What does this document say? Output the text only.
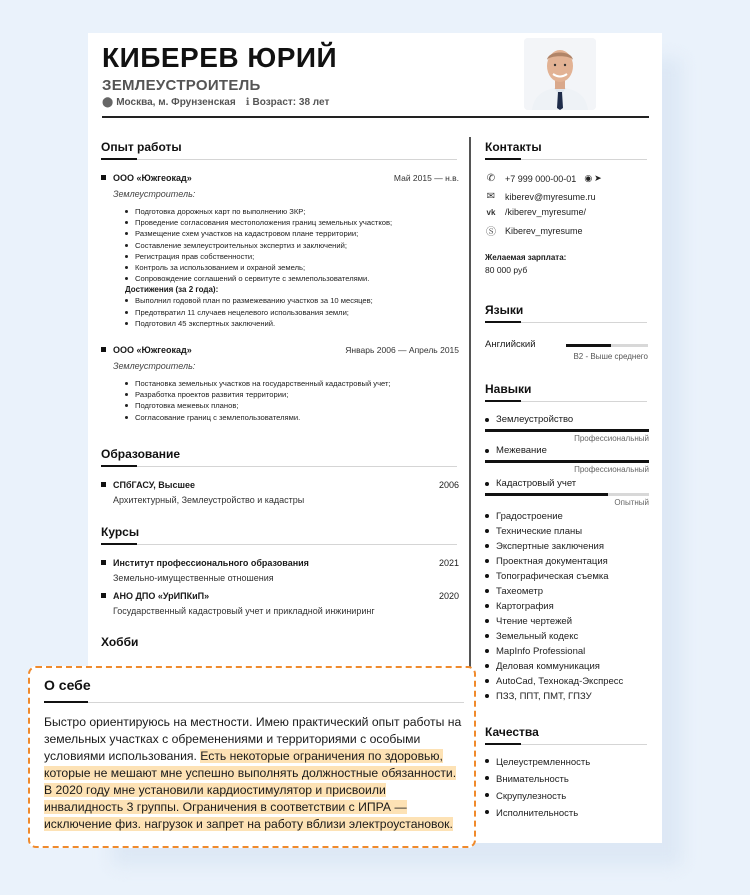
КИБЕРЕВ ЮРИЙ
ЗЕМЛЕУСТРОИТЕЛЬ
⬤ Москва, м. Фрунзенская ℹ Возраст: 38 лет
Опыт работы
ООО «Южгеокад»	Май 2015 — н.в.
Землеустроитель:
Подготовка дорожных карт по выполнению ЗКР;
Проведение согласования местоположения границ земельных участков;
Размещение схем участков на кадастровом плане территории;
Составление землеустроительных экспертиз и заключений;
Регистрация прав собственности;
Контроль за использованием и охраной земель;
Сопровождение соглашений о сервитуте с землепользователями.
Достижения (за 2 года):
Выполнил годовой план по размежеванию участков за 10 месяцев;
Предотвратил 11 случаев нецелевого использования земли;
Подготовил 45 экспертных заключений.
ООО «Южгеокад»	Январь 2006 — Апрель 2015
Землеустроитель:
Постановка земельных участков на государственный кадастровый учет;
Разработка проектов развития территории;
Подготовка межевых планов;
Согласование границ с землепользователями.
Образование
СПбГАСУ, Высшее	2006
Архитектурный, Землеустройство и кадастры
Курсы
Институт профессионального образования	2021
Земельно-имущественные отношения
АНО ДПО «УрИПКиП»	2020
Государственный кадастровый учет и прикладной инжиниринг
Хобби
Контакты
✆ +7 999 000-00-01 ◉ ➤
✉ kiberev@myresume.ru
vk /kiberev_myresume/
Ⓢ Kiberev_myresume
Желаемая зарплата:
80 000 руб
Языки
Английский
B2 - Выше среднего
Навыки
Землеустройство
Профессиональный
Межевание
Профессиональный
Кадастровый учет
Опытный
Градостроение
Технические планы
Экспертные заключения
Проектная документация
Топографическая съемка
Тахеометр
Картография
Чтение чертежей
Земельный кодекс
MapInfo Professional
Деловая коммуникация
AutoCad, Технокад-Экспресс
ПЗЗ, ППТ, ПМТ, ГПЗУ
Качества
Целеустремленность
Внимательность
Скрупулезность
Исполнительность
О себе
Быстро ориентируюсь на местности. Имею практический опыт работы на земельных участках с обременениями и территориями с особыми условиями использования. Есть некоторые ограничения по здоровью, которые не мешают мне успешно выполнять должностные обязанности. В 2020 году мне установили кардиостимулятор и присвоили инвалидность 3 группы. Ограничения в соответствии с ИПРА — исключение физ. нагрузок и запрет на работу вблизи электроустановок.
